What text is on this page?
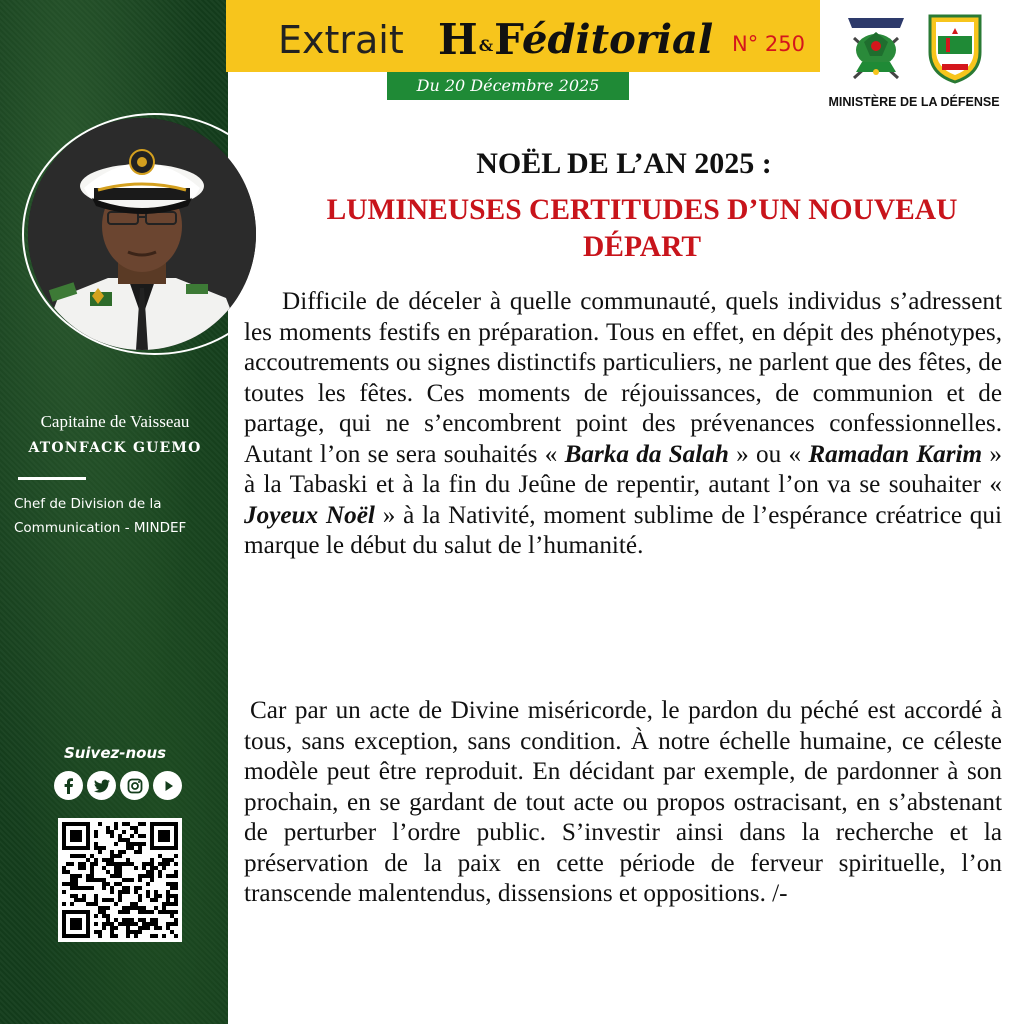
Capitaine de Vaisseau
ATONFACK GUEMO
Chef de Division de la Communication - MINDEF
Suivez-nous
Extrait H&F
éditorial N° 250
Du 20 Décembre 2025
MINISTÈRE DE LA DÉFENSE
NOËL DE L’AN 2025 :
LUMINEUSES CERTITUDES D’UN NOUVEAU DÉPART

Difficile de déceler à quelle communauté, quels individus s’adressent les moments festifs en préparation. Tous en effet, en dépit des phénotypes, accoutrements ou signes distinctifs particuliers, ne parlent que des fêtes, de toutes les fêtes. Ces moments de réjouissances, de communion et de partage, qui ne s’encombrent point des prévenances confessionnelles. Autant l’on se sera souhaités « Barka da Salah » ou « Ramadan Karim » à la Tabaski et à la fin du Jeûne de repentir, autant l’on va se souhaiter « Joyeux Noël » à la Nativité, moment sublime de l’espérance créatrice qui marque le début du salut de l’humanité.

Car par un acte de Divine miséricorde, le pardon du péché est accordé à tous, sans exception, sans condition. À notre échelle humaine, ce céleste modèle peut être reproduit. En décidant par exemple, de pardonner à son prochain, en se gardant de tout acte ou propos ostracisant, en s’abstenant de perturber l’ordre public. S’investir ainsi dans la recherche et la préservation de la paix en cette période de ferveur spirituelle, l’on transcende malentendus, dissensions et oppositions. /-
